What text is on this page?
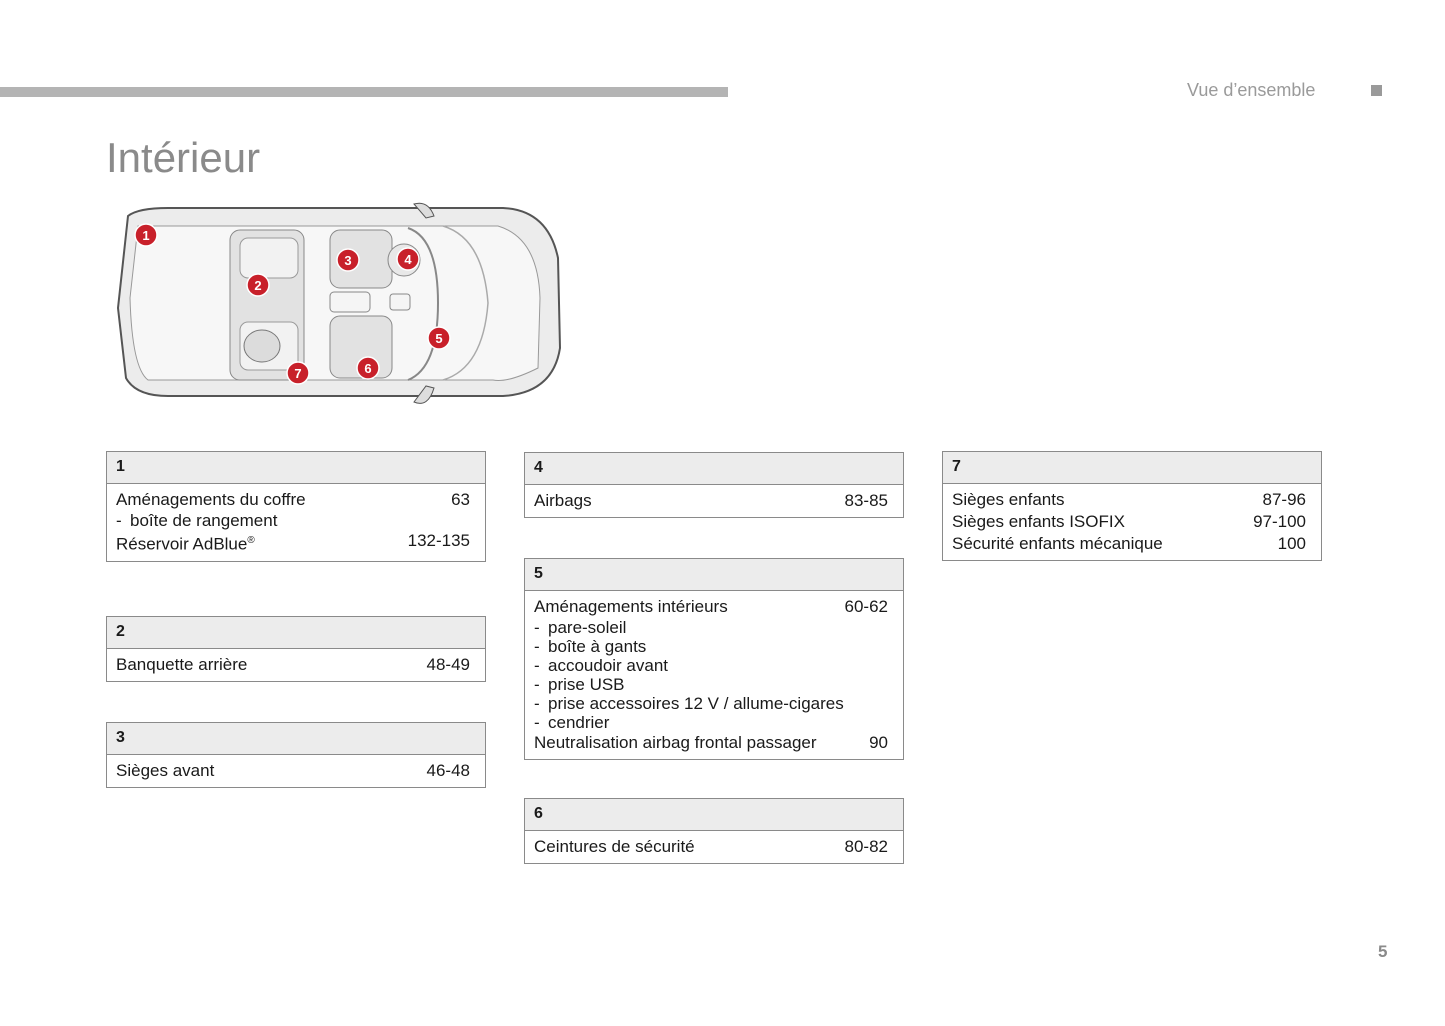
Vue d’ensemble
Intérieur
1
2
3	4
5
6
7
1
Aménagements du coffre	63
- boîte de rangement
Réservoir AdBlue®	132-135
2
Banquette arrière	48-49
3
Sièges avant	46-48
4
Airbags	83-85
5
Aménagements intérieurs	60-62
- pare-soleil
- boîte à gants
- accoudoir avant
- prise USB
- prise accessoires 12 V / allume-cigares
- cendrier
Neutralisation airbag frontal passager	90
6
Ceintures de sécurité	80-82
7
Sièges enfants	87-96
Sièges enfants ISOFIX	97-100
Sécurité enfants mécanique	100
5
